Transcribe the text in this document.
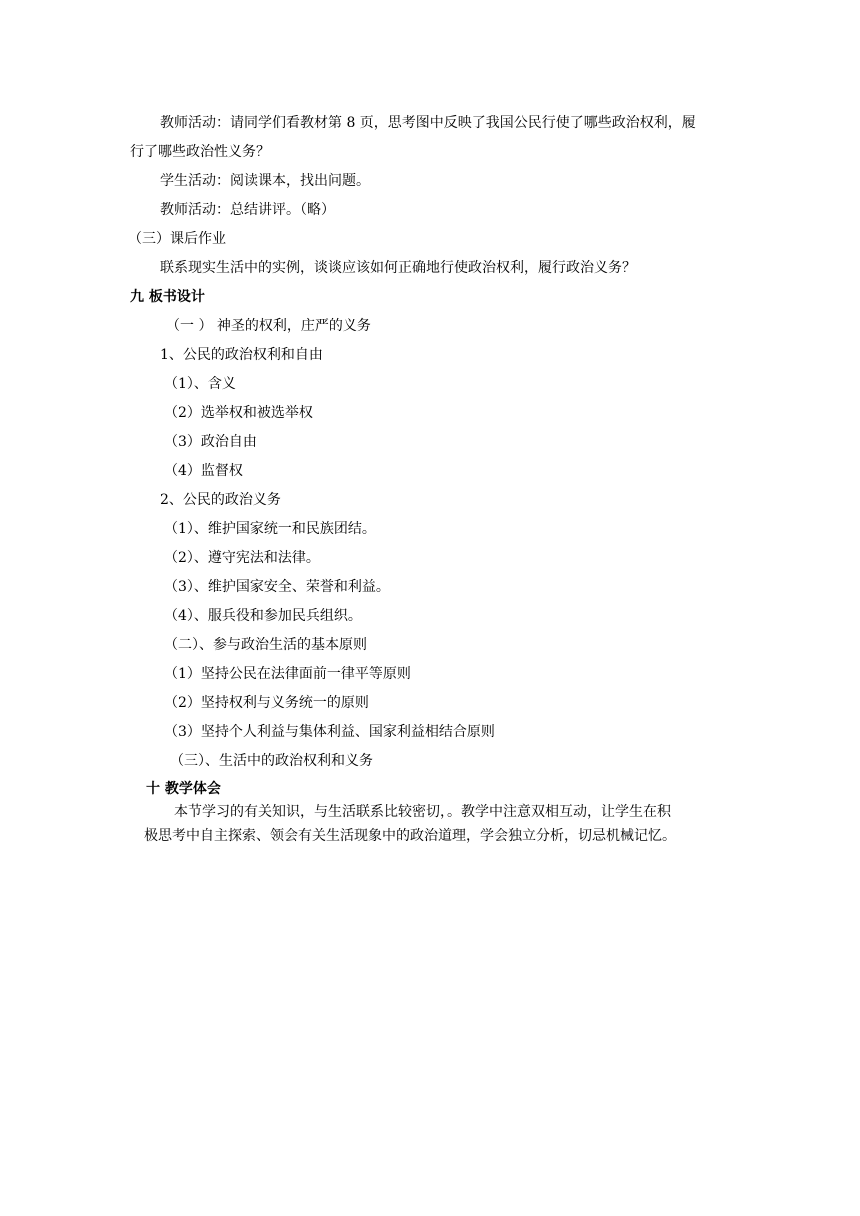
教师活动：请同学们看教材第 8 页，思考图中反映了我国公民行使了哪些政治权利，履
行了哪些政治性义务？
学生活动：阅读课本，找出问题。
教师活动：总结讲评。（略）
（三）课后作业
联系现实生活中的实例，谈谈应该如何正确地行使政治权利，履行政治义务？
九 板书设计
（一 ） 神圣的权利，庄严的义务
1、公民的政治权利和自由
（1）、含义
（2）选举权和被选举权
（3）政治自由
（4）监督权
2、公民的政治义务
（1）、维护国家统一和民族团结。
（2）、遵守宪法和法律。
（3）、维护国家安全、荣誉和利益。
（4）、服兵役和参加民兵组织。
（二）、参与政治生活的基本原则
（1）坚持公民在法律面前一律平等原则
（2）坚持权利与义务统一的原则
（3）坚持个人利益与集体利益、国家利益相结合原则
（三）、生活中的政治权利和义务
十 教学体会
本节学习的有关知识，与生活联系比较密切，。教学中注意双相互动，让学生在积
极思考中自主探索、领会有关生活现象中的政治道理，学会独立分析，切忌机械记忆。
